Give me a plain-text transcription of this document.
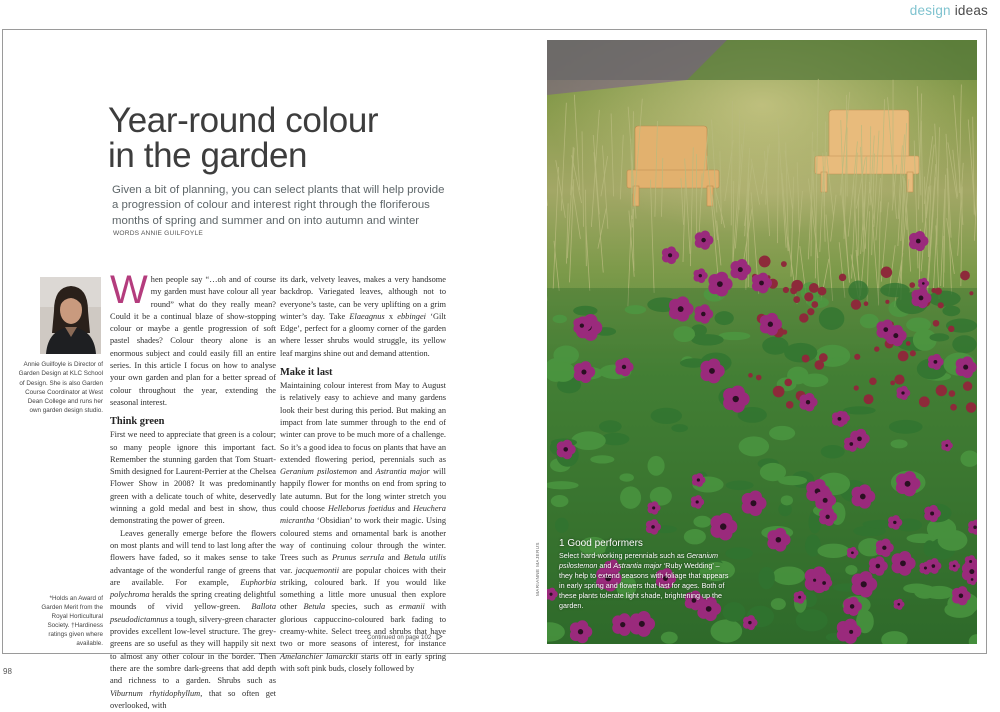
design ideas
Year-round colour
in the garden

Given a bit of planning, you can select plants that will help provide
a progression of colour and interest right through the floriferous
months of spring and summer and on into autumn and winter

WORDS ANNIE GUILFOYLE

Annie Guilfoyle is Director of Garden Design at KLC School of Design. She is also Garden Course Coordinator at West Dean College and runs her own garden design studio.

*Holds an Award of Garden Merit from the Royal Horticultural Society. †Hardiness ratings given where available.

When people say “…oh and of course my garden must have colour all year round” what do they really mean? Could it be a continual blaze of show-stopping colour or maybe a gentle progression of soft pastel shades? Colour theory alone is an enormous subject and could easily fill an entire series. In this article I focus on how to analyse your own garden and plan for a better spread of colour throughout the year, extending the seasonal interest.

Think green

First we need to appreciate that green is a colour; so many people ignore this important fact. Remember the stunning garden that Tom Stuart-Smith designed for Laurent-Perrier at the Chelsea Flower Show in 2008? It was predominantly green with a delicate touch of white, deservedly winning a gold medal and best in show, thus demonstrating the power of green.

Leaves generally emerge before the flowers on most plants and will tend to last long after the flowers have faded, so it makes sense to take advantage of the wonderful range of greens that are available. For example, Euphorbia polychroma heralds the spring creating delightful mounds of vivid yellow-green. Ballota pseudodictamnus a tough, silvery-green character provides excellent low-level structure. The grey-greens are so useful as they will happily sit next to almost any other colour in the border. Then there are the sombre dark-greens that add depth and richness to a garden. Shrubs such as Viburnum rhytidophyllum, that so often get overlooked, with

its dark, velvety leaves, makes a very handsome backdrop. Variegated leaves, although not to everyone’s taste, can be very uplifting on a grim winter’s day. Take Elaeagnus x ebbingei ‘Gilt Edge’, perfect for a gloomy corner of the garden where lesser shrubs would struggle, its yellow leaf margins shine out and demand attention.

Make it last

Maintaining colour interest from May to August is relatively easy to achieve and many gardens look their best during this period. But making an impact from late summer through to the end of winter can prove to be much more of a challenge. So it’s a good idea to focus on plants that have an extended flowering period, perennials such as Geranium psilostemon and Astrantia major will happily flower for months on end from spring to late autumn. But for the long winter stretch you could choose Helleborus foetidus and Heuchera micrantha ‘Obsidian’ to work their magic. Using coloured stems and ornamental bark is another way of continuing colour through the winter. Trees such as Prunus serrula and Betula utilis var. jacquemontii are popular choices with their striking, coloured bark. If you would like something a little more unusual then explore other Betula species, such as ermanii with glorious cappuccino-coloured bark fading to creamy-white. Select trees and shrubs that have two or more seasons of interest, for instance Amelanchier lamarckii starts off in early spring with soft pink buds, closely followed by

Continued on page 102
MARIANNE MAJERUS 1 Good performers

Select hard-working perennials such as Geranium psilostemon and Astrantia major ‘Ruby Wedding’ – they help to extend seasons with foliage that appears in early spring and flowers that last for ages. Both of these plants tolerate light shade, brightening up the garden.

98
